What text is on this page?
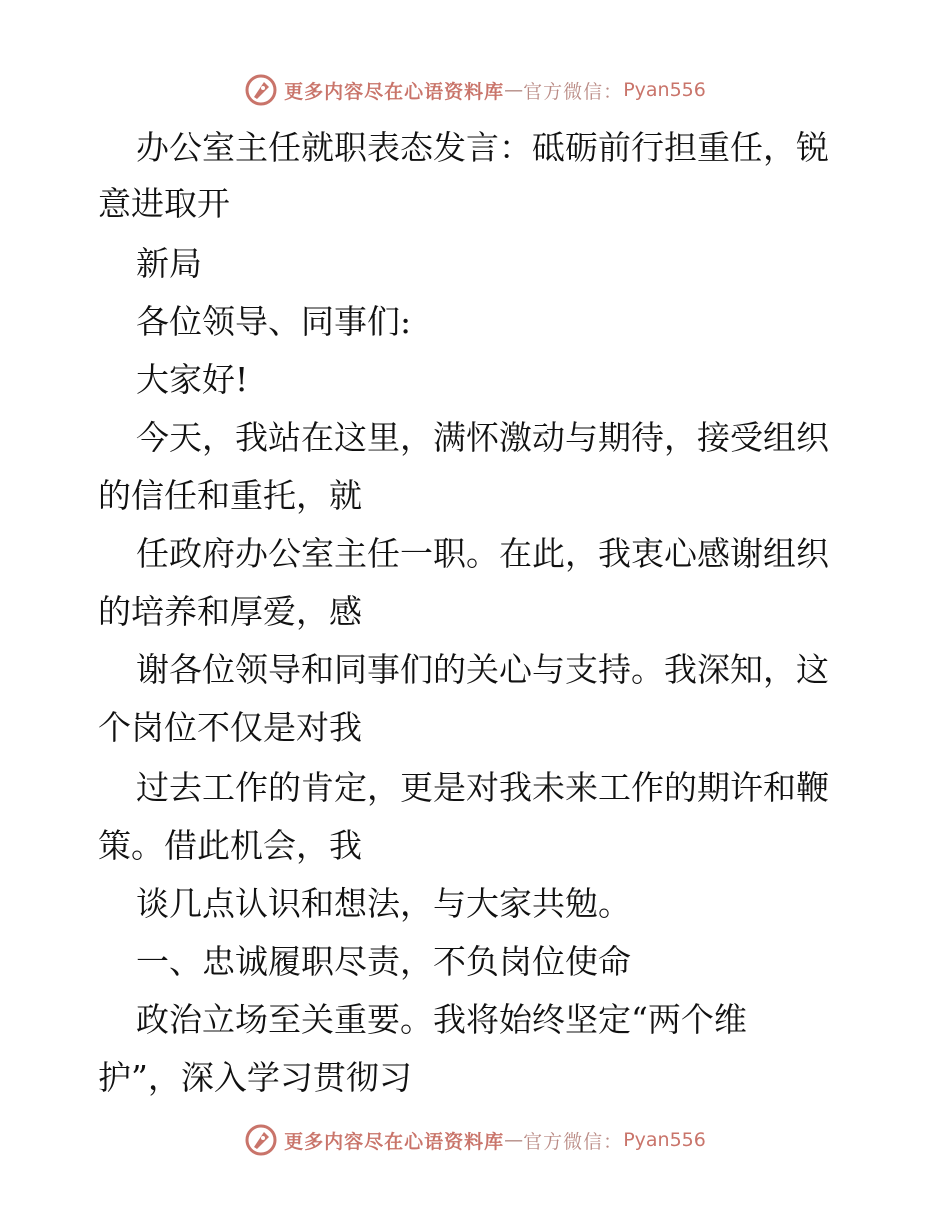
更多内容尽在心语资料库 — 官方微信： Pyan556
办公室主任就职表态发言：砥砺前行担重任，锐
意进取开
新局
各位领导、同事们:
大家好!
今天，我站在这里，满怀激动与期待，接受组织
的信任和重托，就
任政府办公室主任一职。在此，我衷心感谢组织
的培养和厚爱，感
谢各位领导和同事们的关心与支持。我深知，这
个岗位不仅是对我
过去工作的肯定，更是对我未来工作的期许和鞭
策。借此机会，我
谈几点认识和想法，与大家共勉。
一、忠诚履职尽责，不负岗位使命
政治立场至关重要。我将始终坚定“两个维
护”，深入学习贯彻习
更多内容尽在心语资料库 — 官方微信： Pyan556
